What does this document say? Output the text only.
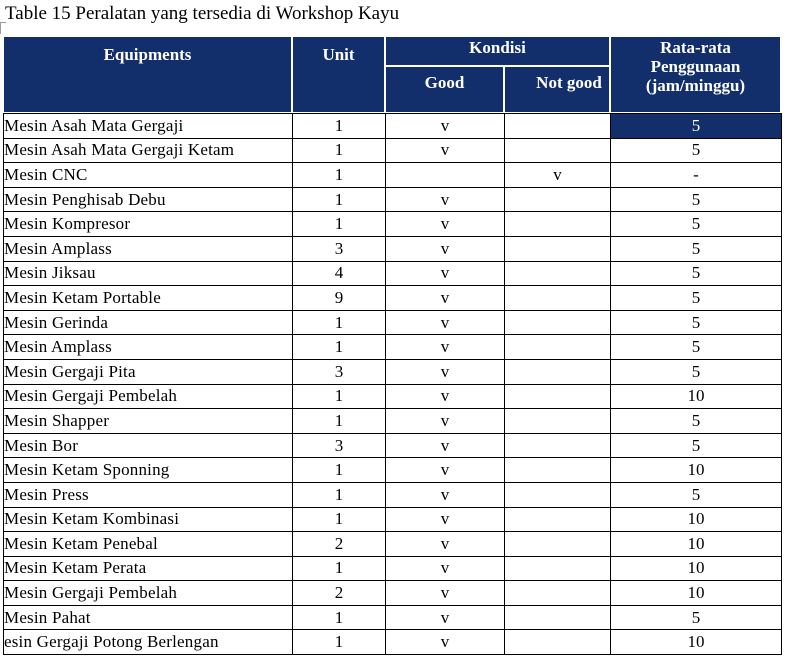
Table 15 Peralatan yang tersedia di Workshop Kayu
Equipments	Unit	Kondisi
Good	Not good
Rata-rata Penggunaan (jam/minggu)
Mesin Asah Mata Gergaji	1	v		5
Mesin Asah Mata Gergaji Ketam	1	v		5
Mesin CNC	1		v	-
Mesin Penghisab Debu	1	v		5
Mesin Kompresor	1	v		5
Mesin Amplass	3	v		5
Mesin Jiksau	4	v		5
Mesin Ketam Portable	9	v		5
Mesin Gerinda	1	v		5
Mesin Amplass	1	v		5
Mesin Gergaji Pita	3	v		5
Mesin Gergaji Pembelah	1	v		10
Mesin Shapper	1	v		5
Mesin Bor	3	v		5
Mesin Ketam Sponning	1	v		10
Mesin Press	1	v		5
Mesin Ketam Kombinasi	1	v		10
Mesin Ketam Penebal	2	v		10
Mesin Ketam Perata	1	v		10
Mesin Gergaji Pembelah	2	v		10
Mesin Pahat	1	v		5
esin Gergaji Potong Berlengan	1	v		10
